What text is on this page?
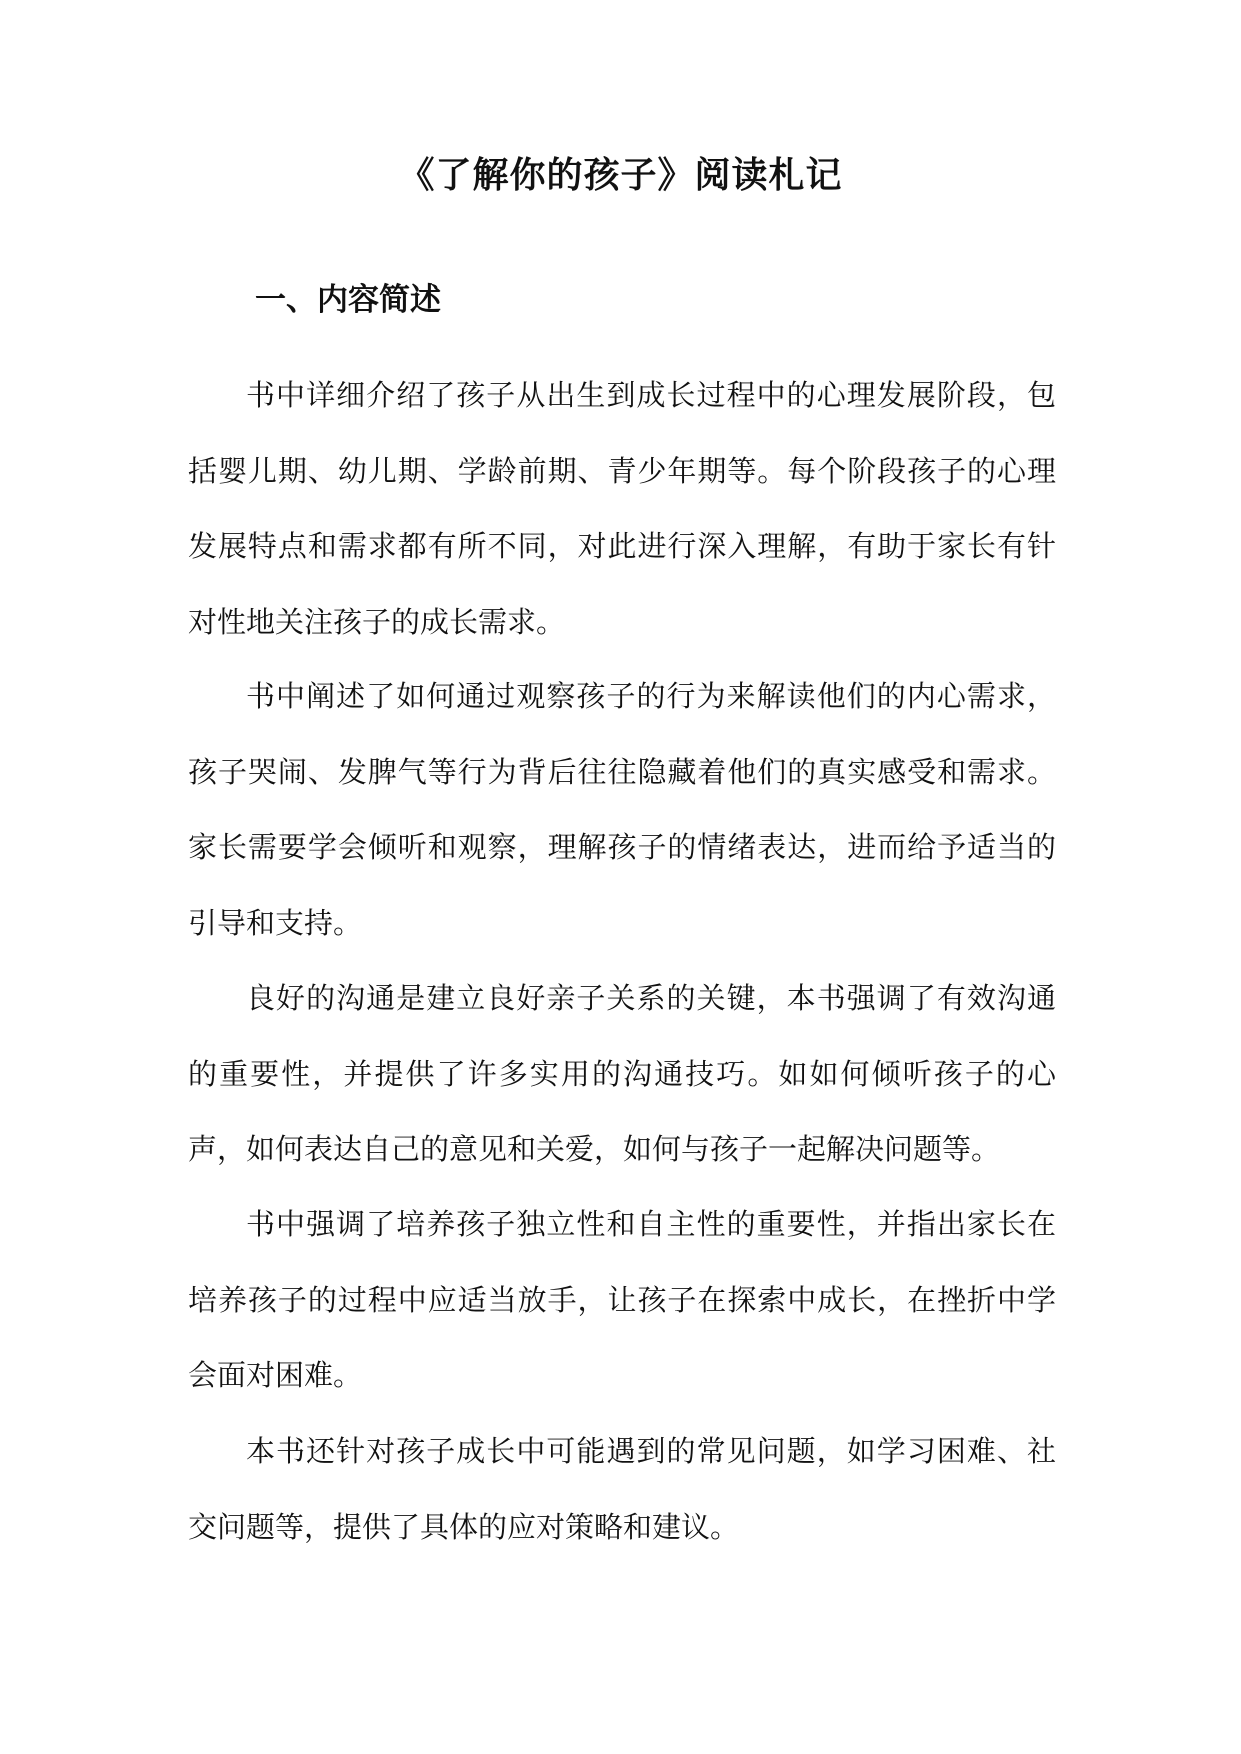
《了解你的孩子》阅读札记
一、内容简述

书中详细介绍了孩子从出生到成长过程中的心理发展阶段，包括婴儿期、幼儿期、学龄前期、青少年期等。每个阶段孩子的心理发展特点和需求都有所不同，对此进行深入理解，有助于家长有针对性地关注孩子的成长需求。

书中阐述了如何通过观察孩子的行为来解读他们的内心需求，孩子哭闹、发脾气等行为背后往往隐藏着他们的真实感受和需求。家长需要学会倾听和观察，理解孩子的情绪表达，进而给予适当的引导和支持。

良好的沟通是建立良好亲子关系的关键，本书强调了有效沟通的重要性，并提供了许多实用的沟通技巧。如如何倾听孩子的心声，如何表达自己的意见和关爱，如何与孩子一起解决问题等。

书中强调了培养孩子独立性和自主性的重要性，并指出家长在培养孩子的过程中应适当放手，让孩子在探索中成长，在挫折中学会面对困难。

本书还针对孩子成长中可能遇到的常见问题，如学习困难、社交问题等，提供了具体的应对策略和建议。
